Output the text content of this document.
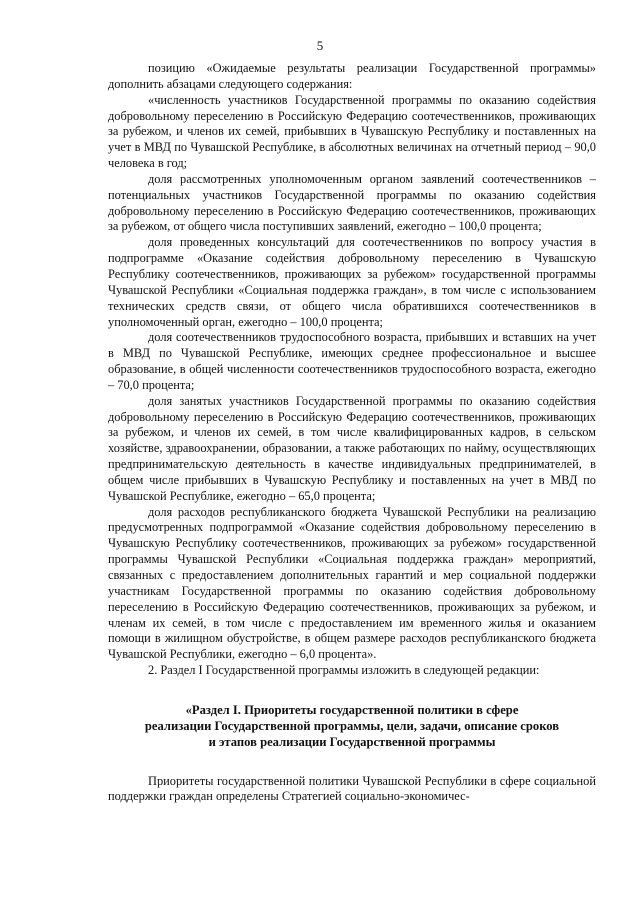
5

позицию «Ожидаемые результаты реализации Государственной программы» дополнить абзацами следующего содержания:

«численность участников Государственной программы по оказанию содействия добровольному переселению в Российскую Федерацию соотечественников, проживающих за рубежом, и членов их семей, прибывших в Чувашскую Республику и поставленных на учет в МВД по Чувашской Республике, в абсолютных величинах на отчетный период – 90,0 человека в год;

доля рассмотренных уполномоченным органом заявлений соотечественников – потенциальных участников Государственной программы по оказанию содействия добровольному переселению в Российскую Федерацию соотечественников, проживающих за рубежом, от общего числа поступивших заявлений, ежегодно – 100,0 процента;

доля проведенных консультаций для соотечественников по вопросу участия в подпрограмме «Оказание содействия добровольному переселению в Чувашскую Республику соотечественников, проживающих за рубежом» государственной программы Чувашской Республики «Социальная поддержка граждан», в том числе с использованием технических средств связи, от общего числа обратившихся соотечественников в уполномоченный орган, ежегодно – 100,0 процента;

доля соотечественников трудоспособного возраста, прибывших и вставших на учет в МВД по Чувашской Республике, имеющих среднее профессиональное и высшее образование, в общей численности соотечественников трудоспособного возраста, ежегодно – 70,0 процента;

доля занятых участников Государственной программы по оказанию содействия добровольному переселению в Российскую Федерацию соотечественников, проживающих за рубежом, и членов их семей, в том числе квалифицированных кадров, в сельском хозяйстве, здравоохранении, образовании, а также работающих по найму, осуществляющих предпринимательскую деятельность в качестве индивидуальных предпринимателей, в общем числе прибывших в Чувашскую Республику и поставленных на учет в МВД по Чувашской Республике, ежегодно – 65,0 процента;

доля расходов республиканского бюджета Чувашской Республики на реализацию предусмотренных подпрограммой «Оказание содействия добровольному переселению в Чувашскую Республику соотечественников, проживающих за рубежом» государственной программы Чувашской Республики «Социальная поддержка граждан» мероприятий, связанных с предоставлением дополнительных гарантий и мер социальной поддержки участникам Государственной программы по оказанию содействия добровольному переселению в Российскую Федерацию соотечественников, проживающих за рубежом, и членам их семей, в том числе с предоставлением им временного жилья и оказанием помощи в жилищном обустройстве, в общем размере расходов республиканского бюджета Чувашской Республики, ежегодно – 6,0 процента».

2. Раздел I Государственной программы изложить в следующей редакции:

«Раздел I. Приоритеты государственной политики в сфере
реализации Государственной программы, цели, задачи, описание сроков
и этапов реализации Государственной программы

Приоритеты государственной политики Чувашской Республики в сфере социальной поддержки граждан определены Стратегией социально-экономичес-
